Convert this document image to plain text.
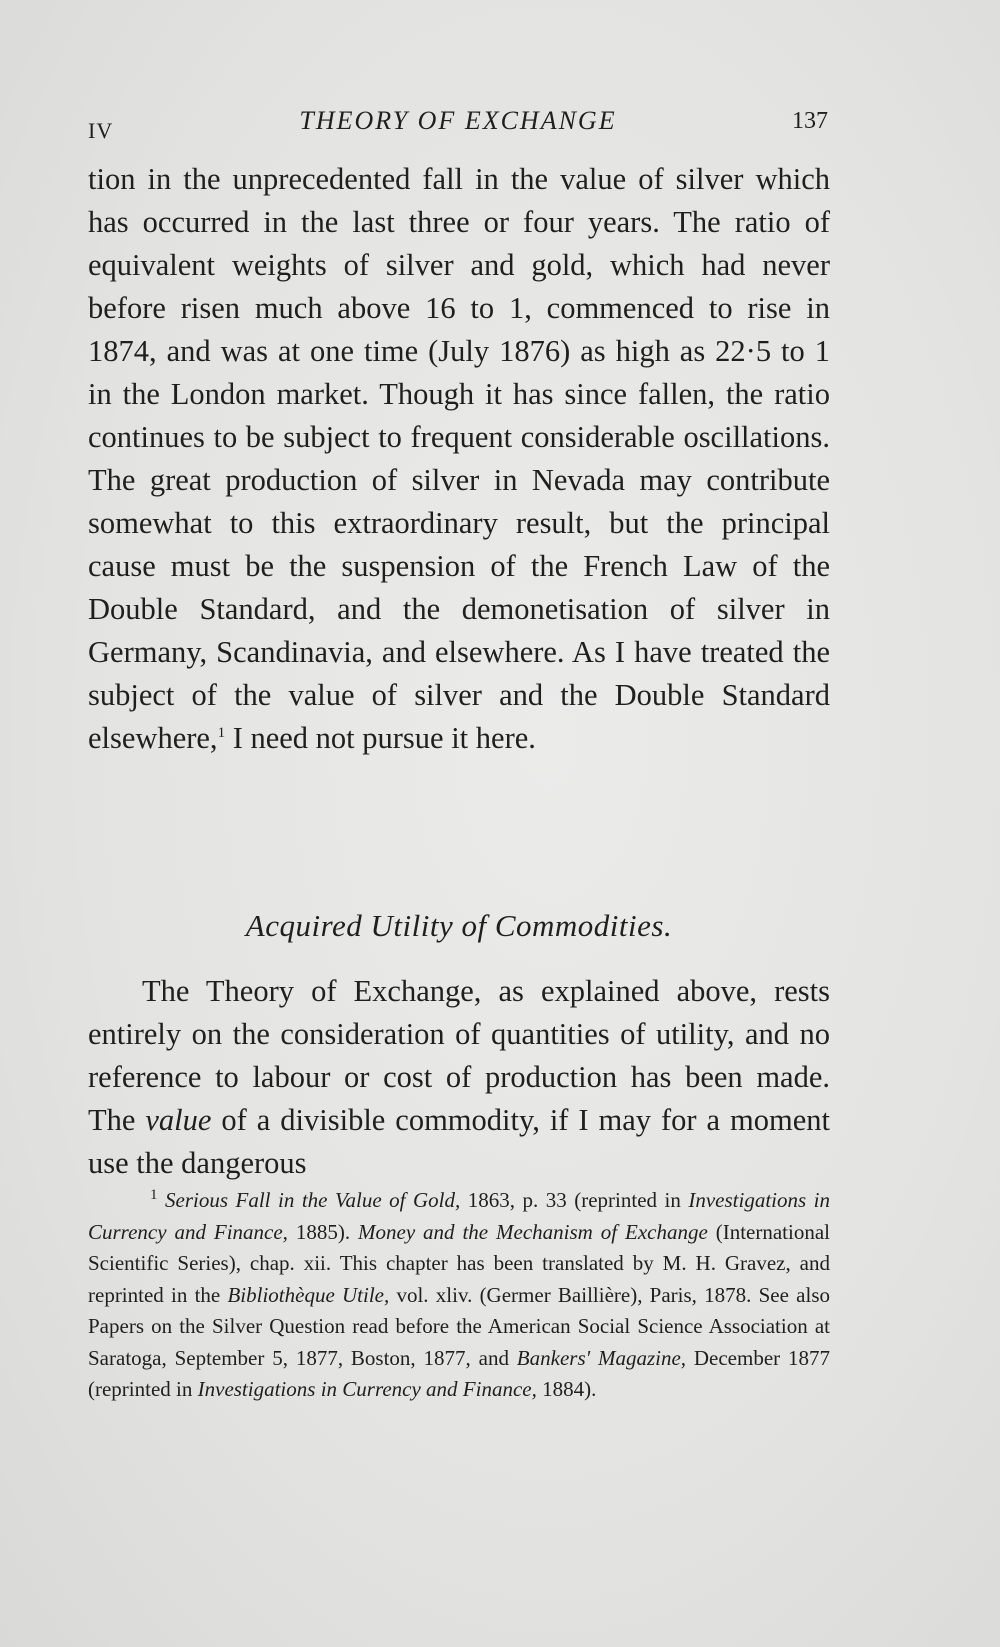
IV	THEORY OF EXCHANGE	137

tion in the unprecedented fall in the value of silver which has occurred in the last three or four years. The ratio of equivalent weights of silver and gold, which had never before risen much above 16 to 1, commenced to rise in 1874, and was at one time (July 1876) as high as 22·5 to 1 in the London market. Though it has since fallen, the ratio continues to be subject to frequent considerable oscillations. The great production of silver in Nevada may contribute somewhat to this extraordinary result, but the principal cause must be the suspension of the French Law of the Double Standard, and the demonetisation of silver in Germany, Scandinavia, and elsewhere. As I have treated the subject of the value of silver and the Double Standard elsewhere,$^1$ I need not pursue it here.

Acquired Utility of Commodities.

The Theory of Exchange, as explained above, rests entirely on the consideration of quantities of utility, and no reference to labour or cost of production has been made. The value of a divisible commodity, if I may for a moment use the dangerous

$^1$ Serious Fall in the Value of Gold, 1863, p. 33 (reprinted in Investigations in Currency and Finance, 1885). Money and the Mechanism of Exchange (International Scientific Series), chap. xii. This chapter has been translated by M. H. Gravez, and reprinted in the Bibliothèque Utile, vol. xliv. (Germer Baillière), Paris, 1878. See also Papers on the Silver Question read before the American Social Science Association at Saratoga, September 5, 1877, Boston, 1877, and Bankers' Magazine, December 1877 (reprinted in Investigations in Currency and Finance, 1884).
